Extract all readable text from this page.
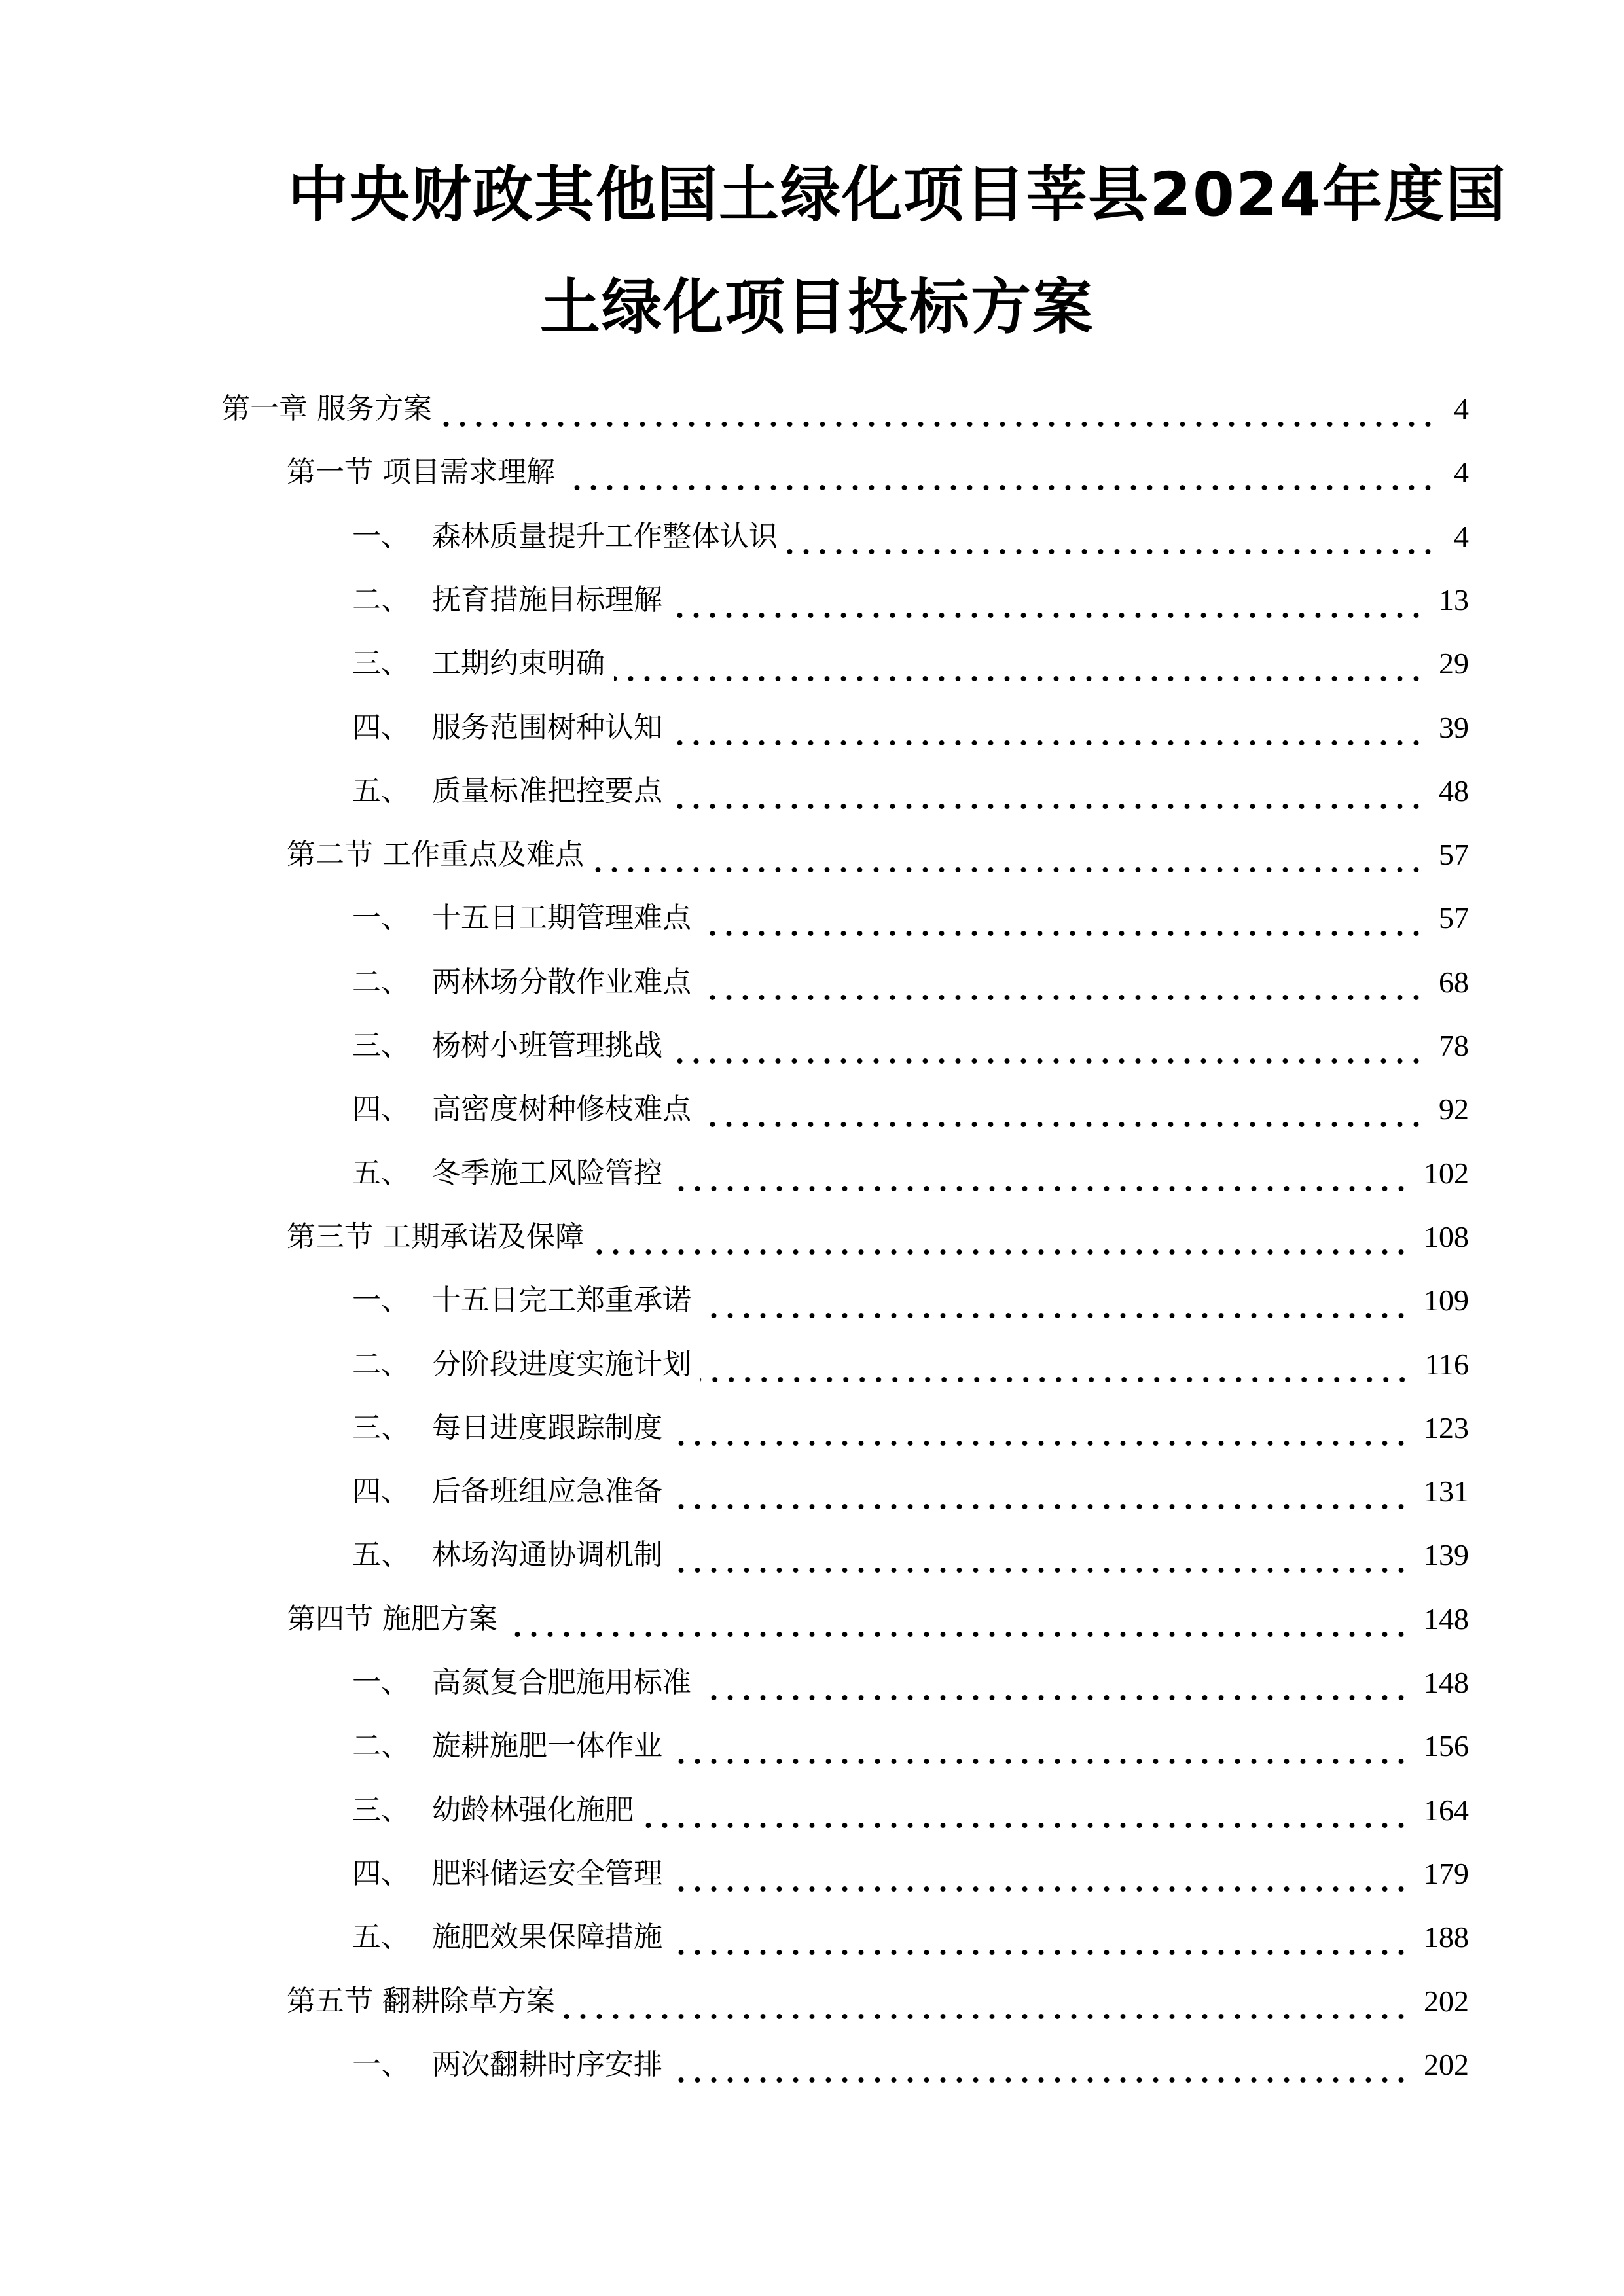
中央财政其他国土绿化项目莘县2024年度国
土绿化项目投标方案
第一章 服务方案	4
第一节 项目需求理解	4
一、 森林质量提升工作整体认识	4
二、 抚育措施目标理解	13
三、 工期约束明确	29
四、 服务范围树种认知	39
五、 质量标准把控要点	48
第二节 工作重点及难点	57
一、 十五日工期管理难点	57
二、 两林场分散作业难点	68
三、 杨树小班管理挑战	78
四、 高密度树种修枝难点	92
五、 冬季施工风险管控	102
第三节 工期承诺及保障	108
一、 十五日完工郑重承诺	109
二、 分阶段进度实施计划	116
三、 每日进度跟踪制度	123
四、 后备班组应急准备	131
五、 林场沟通协调机制	139
第四节 施肥方案	148
一、 高氮复合肥施用标准	148
二、 旋耕施肥一体作业	156
三、 幼龄林强化施肥	164
四、 肥料储运安全管理	179
五、 施肥效果保障措施	188
第五节 翻耕除草方案	202
一、 两次翻耕时序安排	202
